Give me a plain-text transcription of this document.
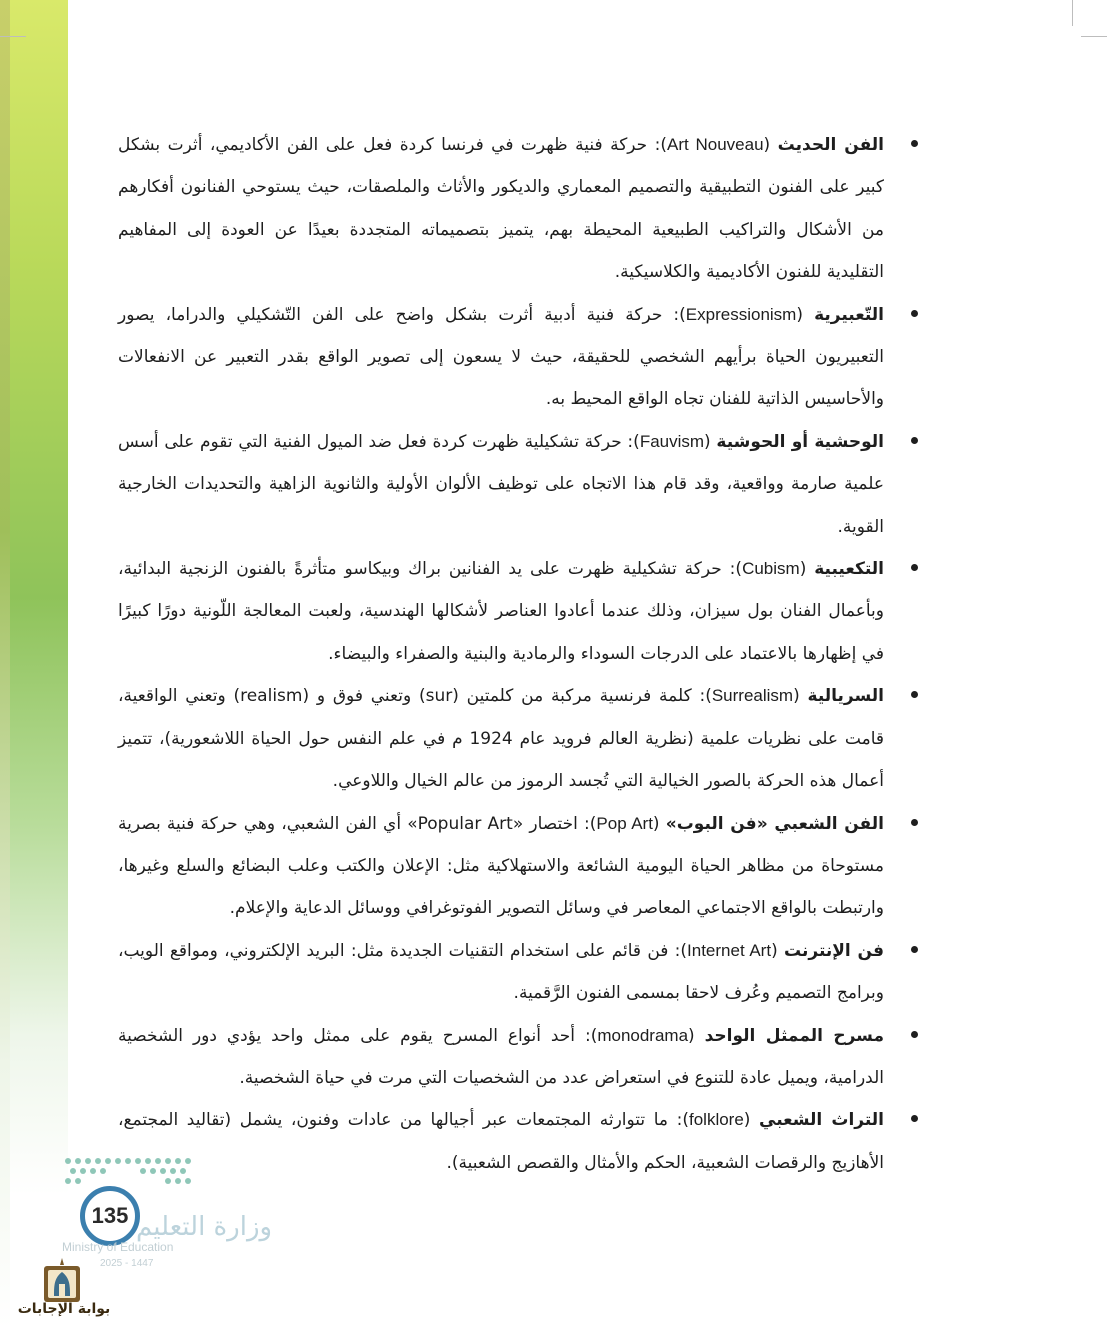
الفن الحديث (Art Nouveau): حركة فنية ظهرت في فرنسا كردة فعل على الفن الأكاديمي، أثرت بشكل كبير على الفنون التطبيقية والتصميم المعماري والديكور والأثاث والملصقات، حيث يستوحي الفنانون أفكارهم من الأشكال والتراكيب الطبيعية المحيطة بهم، يتميز بتصميماته المتجددة بعيدًا عن العودة إلى المفاهيم التقليدية للفنون الأكاديمية والكلاسيكية.

التّعبيرية (Expressionism): حركة فنية أدبية أثرت بشكل واضح على الفن التّشكيلي والدراما، يصور التعبيريون الحياة برأيهم الشخصي للحقيقة، حيث لا يسعون إلى تصوير الواقع بقدر التعبير عن الانفعالات والأحاسيس الذاتية للفنان تجاه الواقع المحيط به.

الوحشية أو الحوشية (Fauvism): حركة تشكيلية ظهرت كردة فعل ضد الميول الفنية التي تقوم على أسس علمية صارمة وواقعية، وقد قام هذا الاتجاه على توظيف الألوان الأولية والثانوية الزاهية والتحديدات الخارجية القوية.

التكعيبية (Cubism): حركة تشكيلية ظهرت على يد الفنانين براك وبيكاسو متأثرةً بالفنون الزنجية البدائية، وبأعمال الفنان بول سيزان، وذلك عندما أعادوا العناصر لأشكالها الهندسية، ولعبت المعالجة اللّونية دورًا كبيرًا في إظهارها بالاعتماد على الدرجات السوداء والرمادية والبنية والصفراء والبيضاء.

السريالية (Surrealism): كلمة فرنسية مركبة من كلمتين (sur) وتعني فوق و (realism) وتعني الواقعية، قامت على نظريات علمية (نظرية العالم فرويد عام 1924 م في علم النفس حول الحياة اللاشعورية)، تتميز أعمال هذه الحركة بالصور الخيالية التي تُجسد الرموز من عالم الخيال واللاوعي.

الفن الشعبي «فن البوب» (Pop Art): اختصار «Popular Art» أي الفن الشعبي، وهي حركة فنية بصرية مستوحاة من مظاهر الحياة اليومية الشائعة والاستهلاكية مثل: الإعلان والكتب وعلب البضائع والسلع وغيرها، وارتبطت بالواقع الاجتماعي المعاصر في وسائل التصوير الفوتوغرافي ووسائل الدعاية والإعلام.

فن الإنترنت (Internet Art): فن قائم على استخدام التقنيات الجديدة مثل: البريد الإلكتروني، ومواقع الويب، وبرامج التصميم وعُرف لاحقا بمسمى الفنون الرَّقمية.

مسرح الممثل الواحد (monodrama): أحد أنواع المسرح يقوم على ممثل واحد يؤدي دور الشخصية الدرامية، ويميل عادة للتنوع في استعراض عدد من الشخصيات التي مرت في حياة الشخصية.

التراث الشعبي (folklore): ما تتوارثه المجتمعات عبر أجيالها من عادات وفنون، يشمل (تقاليد المجتمع، الأهازيج والرقصات الشعبية، الحكم والأمثال والقصص الشعبية).

135 وزارة التعليم
Ministry of Education
2025 - 1447
بوابة الإجابات
